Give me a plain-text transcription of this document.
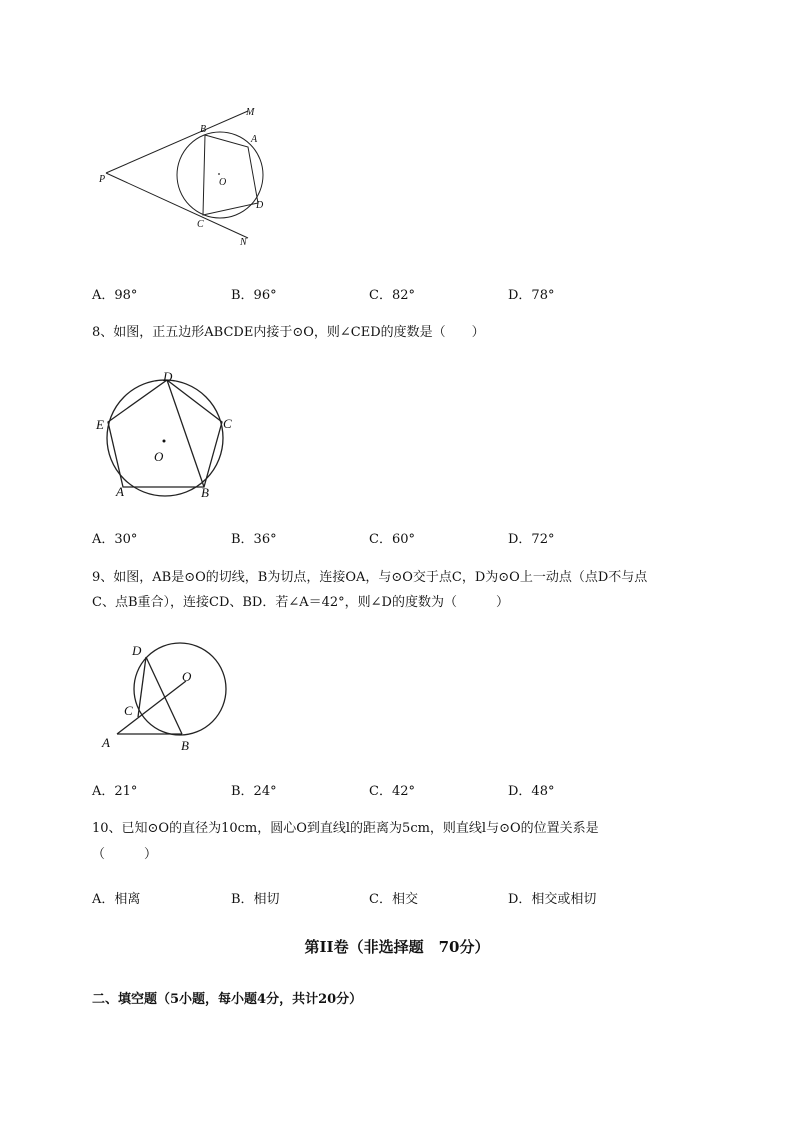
M
B
A
P	O
D
C
N
A．98°	B．96°	C．82°	D．78°
8、如图，正五边形ABCDE内接于⊙O，则∠CED的度数是（　　）
D
E	C
O
A	B
A．30°	B．36°	C．60°	D．72°
9、如图，AB是⊙O的切线，B为切点，连接OA，与⊙O交于点C，D为⊙O上一动点（点D不与点
C、点B重合），连接CD、BD．若∠A＝42°，则∠D的度数为（　　　）
D
O
C
A	B
A．21°	B．24°	C．42°	D．48°
10、已知⊙O的直径为10cm，圆心O到直线l的距离为5cm，则直线l与⊙O的位置关系是
（　　　）
A．相离	B．相切	C．相交	D．相交或相切
第II卷（非选择题　70分）
二、填空题（5小题，每小题4分，共计20分）
